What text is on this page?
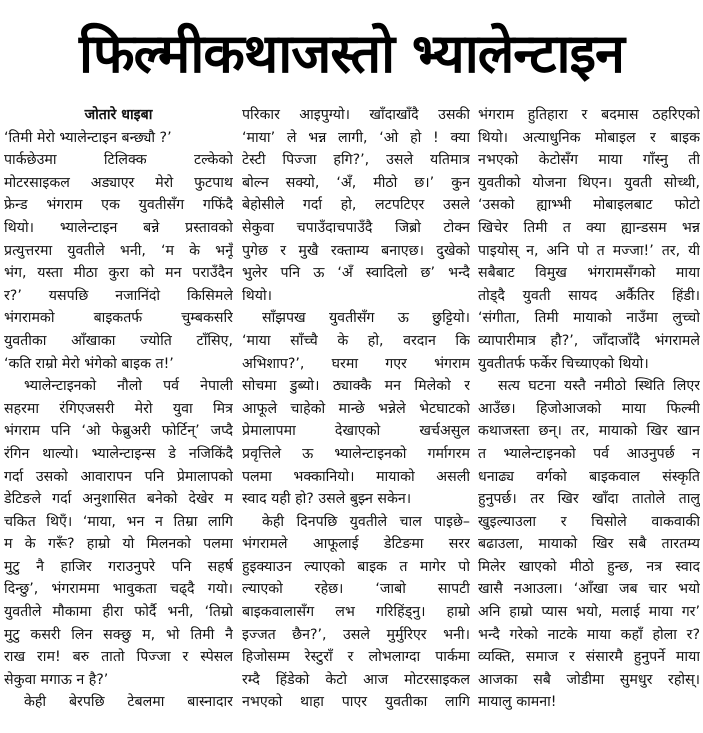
फिल्मीकथाजस्तो भ्यालेन्टाइन
जोतारे धाइबा
‘तिमी मेरो भ्यालेन्टाइन बन्छ्यौ ?’
पार्कछेउमा टिलिक्क टल्केको
मोटरसाइकल अड्याएर मेरो फुटपाथ
फ्रेन्ड भंगराम एक युवतीसँग गफिंदै
थियो। भ्यालेन्टाइन बन्ने प्रस्तावको
प्रत्युत्तरमा युवतीले भनी, ‘म के भनूँ
भंग, यस्ता मीठा कुरा को मन पराउँदैन
र?’ यसपछि नजानिंदो किसिमले
भंगरामको बाइकतर्फ चुम्बकसरि
युवतीका आँखाका ज्योति टाँसिए,
‘कति राम्रो मेरो भंगेको बाइक त!’
भ्यालेन्टाइनको नौलो पर्व नेपाली
सहरमा रंगिएजसरी मेरो युवा मित्र
भंगराम पनि ‘ओ फेब्रुअरी फोर्टिन्’ जप्दै
रंगिन थाल्यो। भ्यालेन्टाइन्स डे नजिकिंदै
गर्दा उसको आवारापन पनि प्रेमालापको
डेटिङले गर्दा अनुशासित बनेको देखेर म
चकित थिएँ। ‘माया, भन न तिम्रा लागि
म के गरूँ? हाम्रो यो मिलनको पलमा
मुटु नै हाजिर गराउनुपरे पनि सहर्ष
दिन्छु’, भंगराममा भावुकता चढ्दै गयो।
युवतीले मौकामा हीरा फोर्दै भनी, ‘तिम्रो
मुटु कसरी लिन सक्छु म, भो तिमी नै
राख राम! बरु तातो पिज्जा र स्पेसल
सेकुवा मगाऊ न है?’
केही बेरपछि टेबलमा बास्नादार
परिकार आइपुग्यो। खाँदाखाँदै उसकी
‘माया’ ले भन्न लागी, ‘ओ हो ! क्या
टेस्टी पिज्जा हगि?’, उसले यतिमात्र
बोल्न सक्यो, ‘अँ, मीठो छ।’ कुन
बेहोसीले गर्दा हो, लटपटिएर उसले
सेकुवा चपाउँदाचपाउँदै जिब्रो टोक्न
पुगेछ र मुखै रक्ताम्य बनाएछ। दुखेको
भुलेर पनि ऊ ‘अँ स्वादिलो छ’ भन्दै
थियो।
साँझपख युवतीसँग ऊ छुट्टियो।
‘माया साँच्चै के हो, वरदान कि
अभिशाप?’, घरमा गएर भंगराम
सोचमा डुब्यो। ठ्याक्कै मन मिलेको र
आफूले चाहेको मान्छे भन्नेले भेटघाटको
प्रेमालापमा देखाएको खर्चअसुल
प्रवृत्तिले ऊ भ्यालेन्टाइनको गर्मागरम
पलमा भक्कानियो। मायाको असली
स्वाद यही हो? उसले बुझ्न सकेन।
केही दिनपछि युवतीले चाल पाइछे–
भंगरामले आफूलाई डेटिङमा सरर
हुइक्याउन ल्याएको बाइक त मागेर पो
ल्याएको रहेछ। ‘जाबो सापटी
बाइकवालासँग लभ गरिहिंड्नु। हाम्रो
इज्जत छैन?’, उसले मुर्मुरिएर भनी।
हिजोसम्म रेस्टुराँ र लोभलाग्दा पार्कमा
रम्दै हिंडेको केटो आज मोटरसाइकल
नभएको थाहा पाएर युवतीका लागि
भंगराम हुतिहारा र बदमास ठहरिएको
थियो। अत्याधुनिक मोबाइल र बाइक
नभएको केटोसँग माया गाँस्नु ती
युवतीको योजना थिएन। युवती सोच्थी,
‘उसको ह्याभ्भी मोबाइलबाट फोटो
खिचेर तिमी त क्या ह्यान्डसम भन्न
पाइयोस् न, अनि पो त मज्जा!’ तर, यी
सबैबाट विमुख भंगरामसँगको माया
तोड्दै युवती सायद अर्कैतिर हिंडी।
‘संगीता, तिमी मायाको नाउँमा लुच्चो
व्यापारीमात्र हौ?’, जाँदाजाँदै भंगरामले
युवतीतर्फ फर्केर चिच्याएको थियो।
सत्य घटना यस्तै नमीठो स्थिति लिएर
आउँछ। हिजोआजको माया फिल्मी
कथाजस्ता छन्। तर, मायाको खिर खान
त भ्यालेन्टाइनको पर्व आउनुपर्छ न
धनाढ्य वर्गको बाइकवाल संस्कृति
हुनुपर्छ। तर खिर खाँदा तातोले तालु
खुइल्याउला र चिसोले वाकवाकी
बढाउला, मायाको खिर सबै तारतम्य
मिलेर खाएको मीठो हुन्छ, नत्र स्वाद
खासै नआउला। ‘आँखा जब चार भयो
अनि हाम्रो प्यास भयो, मलाई माया गर’
भन्दै गरेको नाटके माया कहाँ होला र?
व्यक्ति, समाज र संसारमै हुनुपर्ने माया
आजका सबै जोडीमा सुमधुर रहोस्।
मायालु कामना!
